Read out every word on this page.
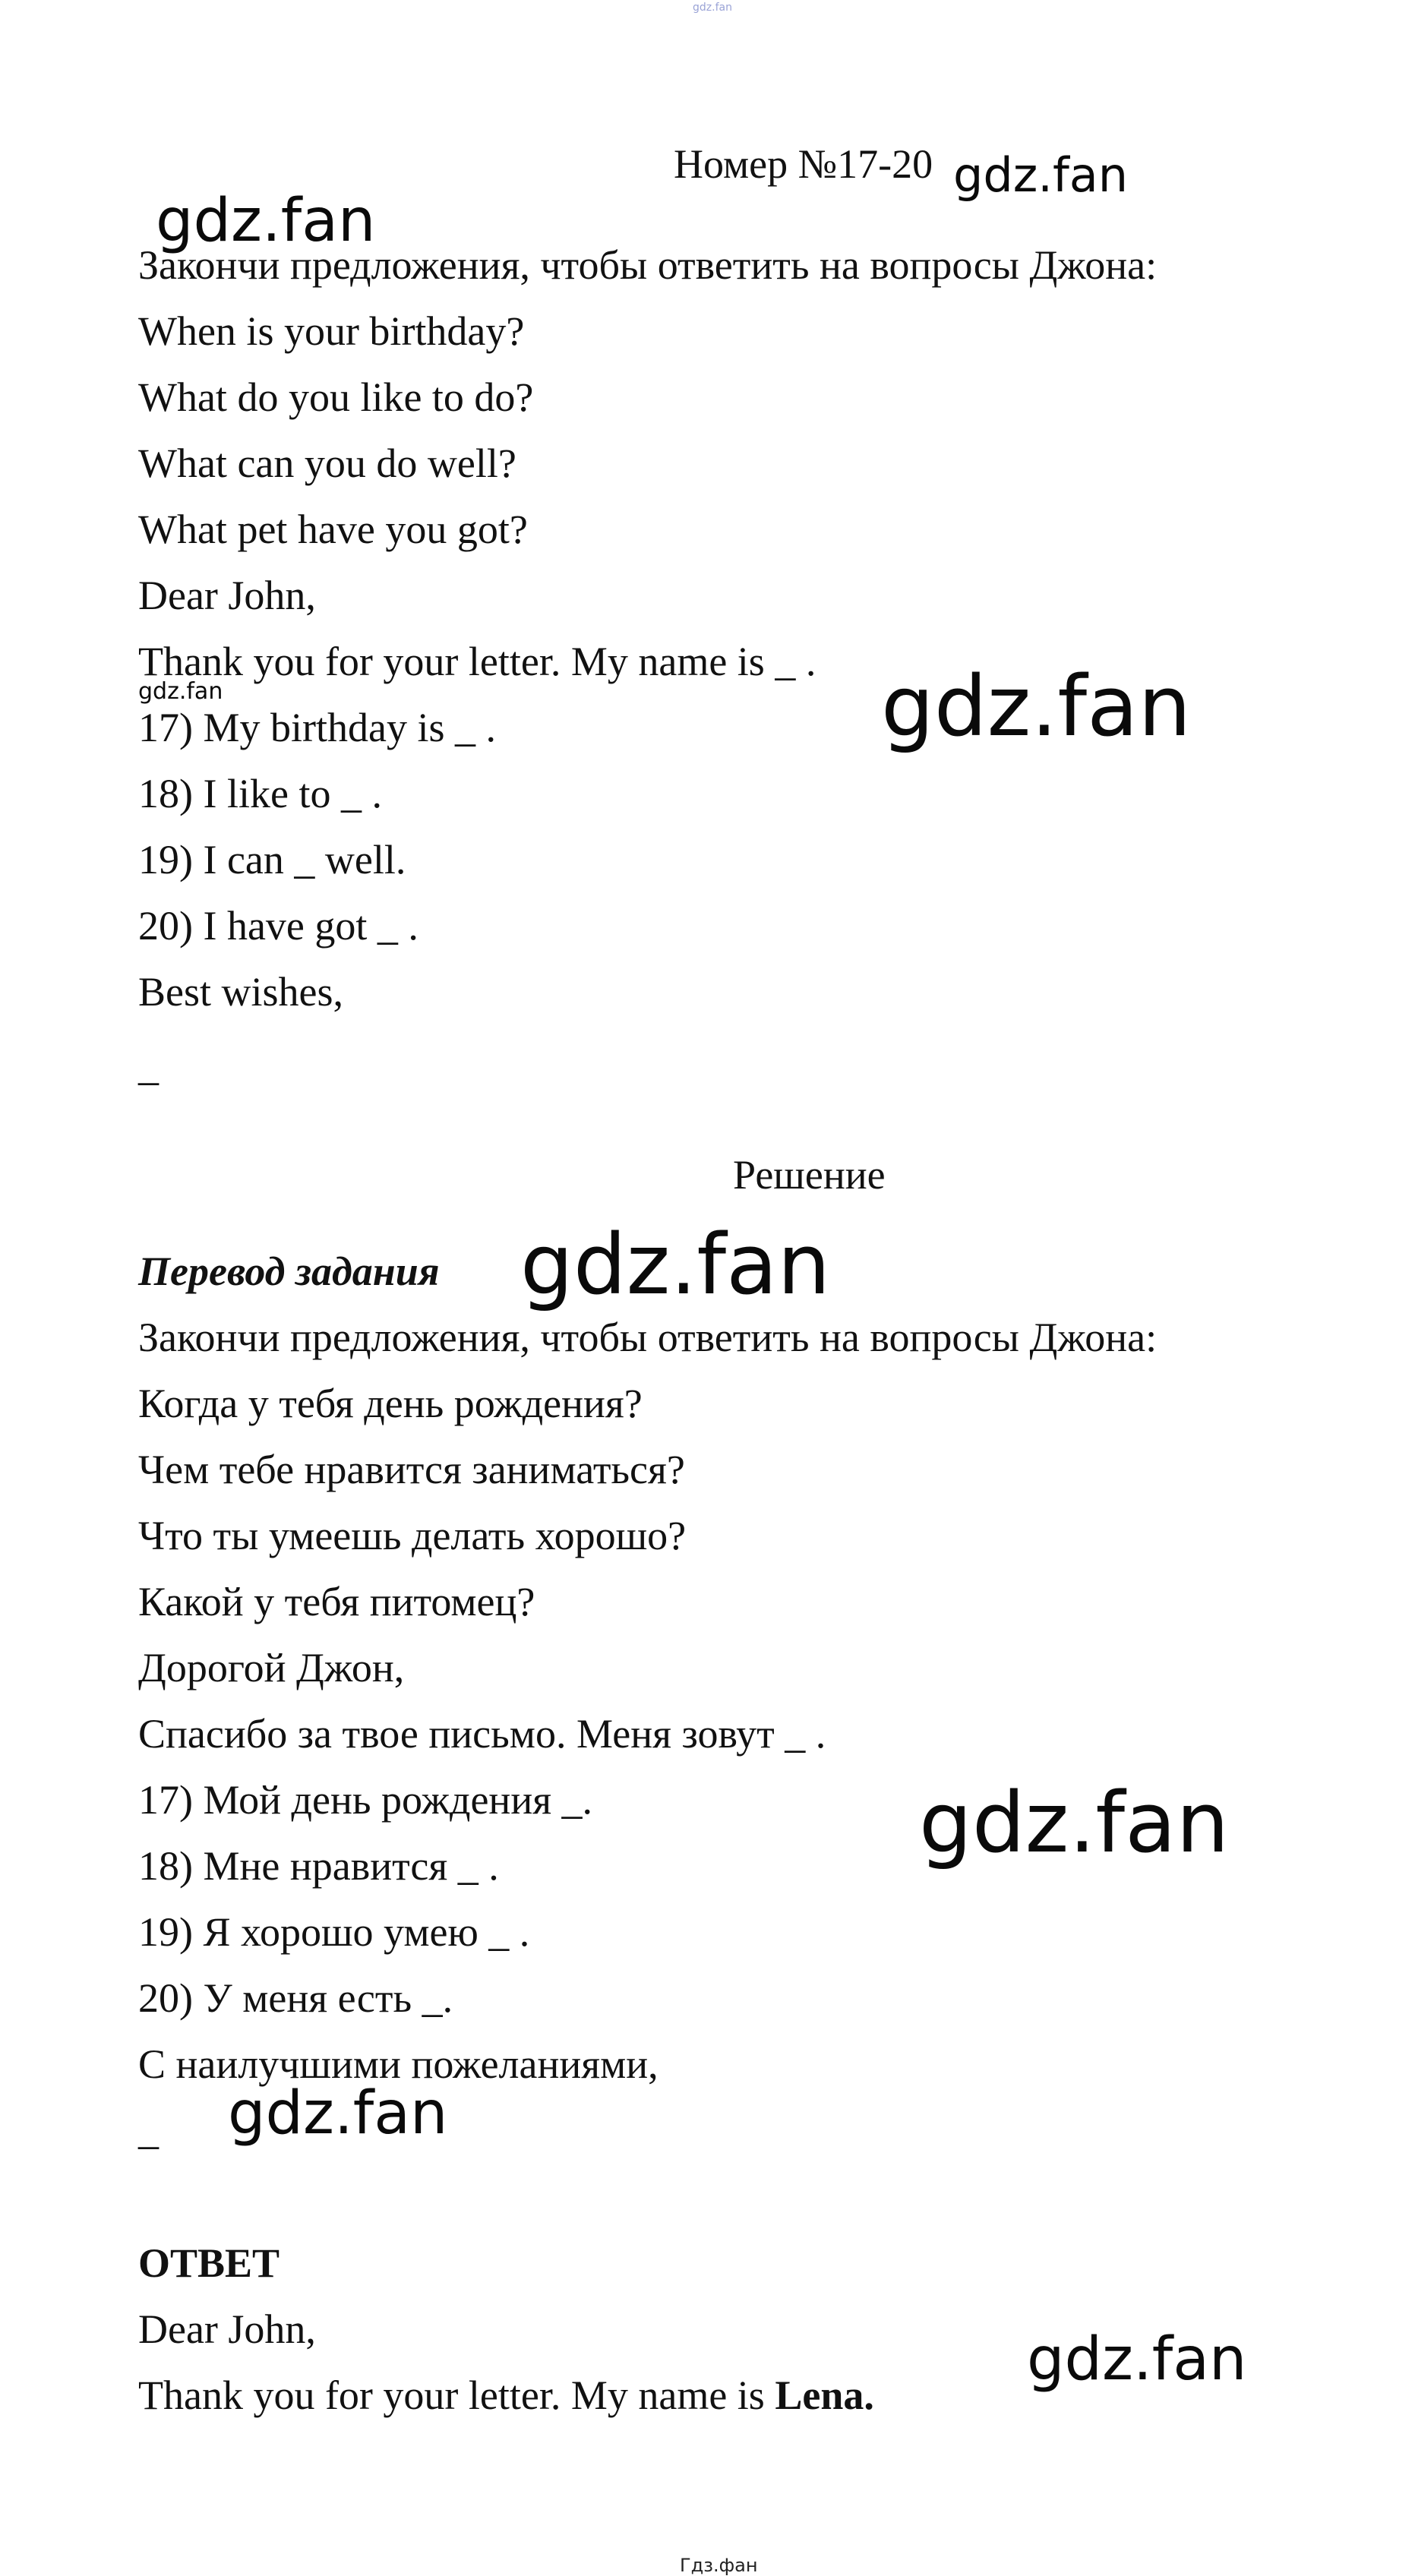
gdz.fan
Номер №17-20 gdz.fan
gdz.fan
Закончи предложения, чтобы ответить на вопросы Джона:
When is your birthday?
What do you like to do?
What can you do well?
What pet have you got?
Dear John,
Thank you for your letter. My name is _ .
gdz.fan	gdz.fan
17) My birthday is _ .
18) I like to _ .
19) I can _ well.
20) I have got _ .
Best wishes,
_
Решение
Перевод задания gdz.fan
Закончи предложения, чтобы ответить на вопросы Джона:
Когда у тебя день рождения?
Чем тебе нравится заниматься?
Что ты умеешь делать хорошо?
Какой у тебя питомец?
Дорогой Джон,
Спасибо за твое письмо. Меня зовут _ .
17) Мой день рождения _.	gdz.fan
18) Мне нравится _ .
19) Я хорошо умею _ .
20) У меня есть _.
С наилучшими пожеланиями,
_ gdz.fan
ОТВЕТ
Dear John,	gdz.fan
Thank you for your letter. My name is Lena.
Гдз.фан
